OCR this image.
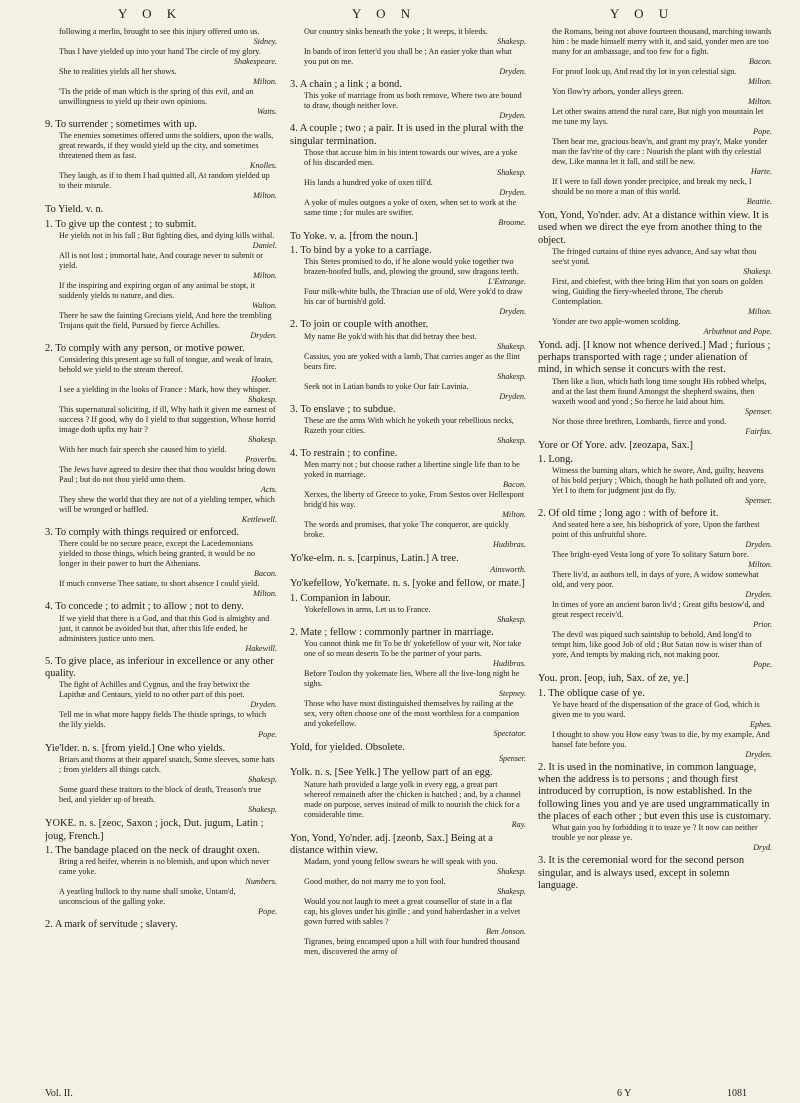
Y O K	Y O N	Y O U

following a merlin, brought to see this injury offered unto us.

Sidney.

Thus I have yielded up into your hand The circle of my glory.

Shakespeare.

She to realities yields all her shows.

Milton.

'Tis the pride of man which is the spring of this evil, and an unwillingness to yield up their own opinions.

Watts.

9. To surrender ; sometimes with up.

The enemies sometimes offered unto the soldiers, upon the walls, great rewards, if they would yield up the city, and sometimes threatened them as fast.

Knolles.

They laugh, as if to them I had quitted all, At random yielded up to their misrule.

Milton.

To Yield. v. n.

1. To give up the contest ; to submit.

He yields not in his fall ; But fighting dies, and dying kills withal.

Daniel.

All is not lost ; immortal hate, And courage never to submit or yield.

Milton.

If the inspiring and expiring organ of any animal be stopt, it suddenly yields to nature, and dies.

Walton.

There he saw the fainting Grecians yield, And here the trembling Trojans quit the field, Pursued by fierce Achilles.

Dryden.

2. To comply with any person, or motive power.

Considering this present age so full of tongue, and weak of brain, behold we yield to the stream thereof.

Hooker.

I see a yielding in the looks of France : Mark, how they whisper.

Shakesp.

This supernatural soliciting, if ill, Why hath it given me earnest of success ? If good, why do I yield to that suggestion, Whose horrid image doth upfix my hair ?

Shakesp.

With her much fair speech she caused him to yield.

Proverbs.

The Jews have agreed to desire thee that thou wouldst bring down Paul ; but do not thou yield unto them.

Acts.

They shew the world that they are not of a yielding temper, which will be wronged or baffled.

Kettlewell.

3. To comply with things required or enforced.

There could be no secure peace, except the Lacedemonians yielded to those things, which being granted, it would be no longer in their power to hurt the Athenians.

Bacon.

If much converse Thee satiate, to short absence I could yield.

Milton.

4. To concede ; to admit ; to allow ; not to deny.

If we yield that there is a God, and that this God is almighty and just, it cannot be avoided but that, after this life ended, he administers justice unto men.

Hakewill.

5. To give place, as inferiour in excellence or any other quality.

The fight of Achilles and Cygnus, and the fray betwixt the Lapithæ and Centaurs, yield to no other part of this poet.

Dryden.

Tell me in what more happy fields The thistle springs, to which the lily yields.

Pope.

Yie'lder. n. s. [from yield.] One who yields.

Briars and thorns at their apparel snatch, Some sleeves, some hats ; from yielders all things catch.

Shakesp.

Some guard these traitors to the block of death, Treason's true bed, and yielder up of breath.

Shakesp.

YOKE. n. s. [zeoc, Saxon ; jock, Dut. jugum, Latin ; joug, French.]

1. The bandage placed on the neck of draught oxen.

Bring a red heifer, wherein is no blemish, and upon which never came yoke.

Numbers.

A yearling bullock to thy name shall smoke, Untam'd, unconscious of the galling yoke.

Pope.

2. A mark of servitude ; slavery.

Our country sinks beneath the yoke ; It weeps, it bleeds.

Shakesp.

In bands of iron fetter'd you shall be ; An easier yoke than what you put on me.

Dryden.

3. A chain ; a link ; a bond.

This yoke of marriage from us both remove, Where two are bound to draw, though neither love.

Dryden.

4. A couple ; two ; a pair. It is used in the plural with the singular termination.

Those that accuse him in his intent towards our wives, are a yoke of his discarded men.

Shakesp.

His lands a hundred yoke of oxen till'd.

Dryden.

A yoke of mules outgoes a yoke of oxen, when set to work at the same time ; for mules are swifter.

Broome.

To Yoke. v. a. [from the noun.]

1. To bind by a yoke to a carriage.

This Stetes promised to do, if he alone would yoke together two brazen-hoofed bulls, and, plowing the ground, sow dragons teeth.

L'Estrange.

Four milk-white bulls, the Thracian use of old, Were yok'd to draw his car of burnish'd gold.

Dryden.

2. To join or couple with another.

My name Be yok'd with his that did betray thee best.

Shakesp.

Cassius, you are yoked with a lamb, That carries anger as the flint bears fire.

Shakesp.

Seek not in Latian bands to yoke Our fair Lavinia.

Dryden.

3. To enslave ; to subdue.

These are the arms With which he yoketh your rebellious necks, Razeth your cities.

Shakesp.

4. To restrain ; to confine.

Men marry not ; but choose rather a libertine single life than to be yoked in marriage.

Bacon.

Xerxes, the liberty of Greece to yoke, From Sestos over Hellespont bridg'd his way.

Milton.

The words and promises, that yoke The conqueror, are quickly broke.

Hudibras.

Yo'ke-elm. n. s. [carpinus, Latin.] A tree.

Ainsworth.

Yo'kefellow, Yo'kemate. n. s. [yoke and fellow, or mate.]

1. Companion in labour.

Yokefellows in arms, Let us to France.

Shakesp.

2. Mate ; fellow : commonly partner in marriage.

You cannot think me fit To be th' yokefellow of your wit, Nor take one of so mean deserts To be the partner of your parts.

Hudibras.

Before Toulon thy yokemate lies, Where all the live-long night he sighs.

Stepney.

Those who have most distinguished themselves by railing at the sex, very often choose one of the most worthless for a companion and yokefellow.

Spectator.

Yold, for yielded. Obsolete.

Spenser.

Yolk. n. s. [See Yelk.] The yellow part of an egg.

Nature hath provided a large yolk in every egg, a great part whereof remaineth after the chicken is hatched ; and, by a channel made on purpose, serves instead of milk to nourish the chick for a considerable time.

Ray.

Yon, Yond, Yo'nder. adj. [zeonb, Sax.] Being at a distance within view.

Madam, yond young fellow swears he will speak with you.

Shakesp.

Good mother, do not marry me to yon fool.

Shakesp.

Would you not laugh to meet a great counsellor of state in a flat cap, his gloves under his girdle ; and yond haberdasher in a velvet gown furred with sables ?

Ben Jonson.

Tigranes, being encamped upon a hill with four hundred thousand men, discovered the army of

the Romans, being not above fourteen thousand, marching towards him : he made himself merry with it, and said, yonder men are too many for an ambassage, and too few for a fight.

Bacon.

For proof look up, And read thy lot in yon celestial sign.

Milton.

Yon flow'ry arbors, yonder alleys green.

Milton.

Let other swains attend the rural care, But nigh yon mountain let me tune my lays.

Pope.

Then hear me, gracious heav'n, and grant my pray'r, Make yonder man the fav'rite of thy care : Nourish the plant with thy celestial dew, Like manna let it fall, and still be new.

Harte.

If I were to fall down yonder precipice, and break my neck, I should be no more a man of this world.

Beattie.

Yon, Yond, Yo'nder. adv. At a distance within view. It is used when we direct the eye from another thing to the object.

The fringed curtains of thine eyes advance, And say what thou see'st yond.

Shakesp.

First, and chiefest, with thee bring Him that yon soars on golden wing, Guiding the fiery-wheeled throne, The cherub Contemplation.

Milton.

Yonder are two apple-women scolding.

Arbuthnot and Pope.

Yond. adj. [I know not whence derived.] Mad ; furious ; perhaps transported with rage ; under alienation of mind, in which sense it concurs with the rest.

Then like a lion, which hath long time sought His robbed whelps, and at the last them found Amongst the shepherd swains, then waxeth wood and yond ; So fierce he laid about him.

Spenser.

Nor those three brethren, Lombards, fierce and yond.

Fairfax.

Yore or Of Yore. adv. [zeozapa, Sax.]

1. Long.

Witness the burning altars, which he swore, And, guilty, heavens of his bold perjury ; Which, though he hath polluted oft and yore, Yet I to them for judgment just do fly.

Spenser.

2. Of old time ; long ago : with of before it.

And seated here a see, his bishoprick of yore, Upon the farthest point of this unfruitful shore.

Dryden.

Thee bright-eyed Vesta long of yore To solitary Saturn bore.

Milton.

There liv'd, as authors tell, in days of yore, A widow somewhat old, and very poor.

Dryden.

In times of yore an ancient baron liv'd ; Great gifts bestow'd, and great respect receiv'd.

Prior.

The devil was piqued such saintship to behold, And long'd to tempt him, like good Job of old ; But Satan now is wiser than of yore, And tempts by making rich, not making poor.

Pope.

You. pron. [eop, iuh, Sax. of ze, ye.]

1. The oblique case of ye.

Ye have heard of the dispensation of the grace of God, which is given me to you ward.

Ephes.

I thought to show you How easy 'twas to die, by my example, And hansel fate before you.

Dryden.

2. It is used in the nominative, in common language, when the address is to persons ; and though first introduced by corruption, is now established. In the following lines you and ye are used ungrammatically in the places of each other ; but even this use is customary.

What gain you by forbidding it to teaze ye ? It now can neither trouble ye nor please ye.

Dryd.

3. It is the ceremonial word for the second person singular, and is always used, except in solemn language.

Vol. II.	6 Y	1081
